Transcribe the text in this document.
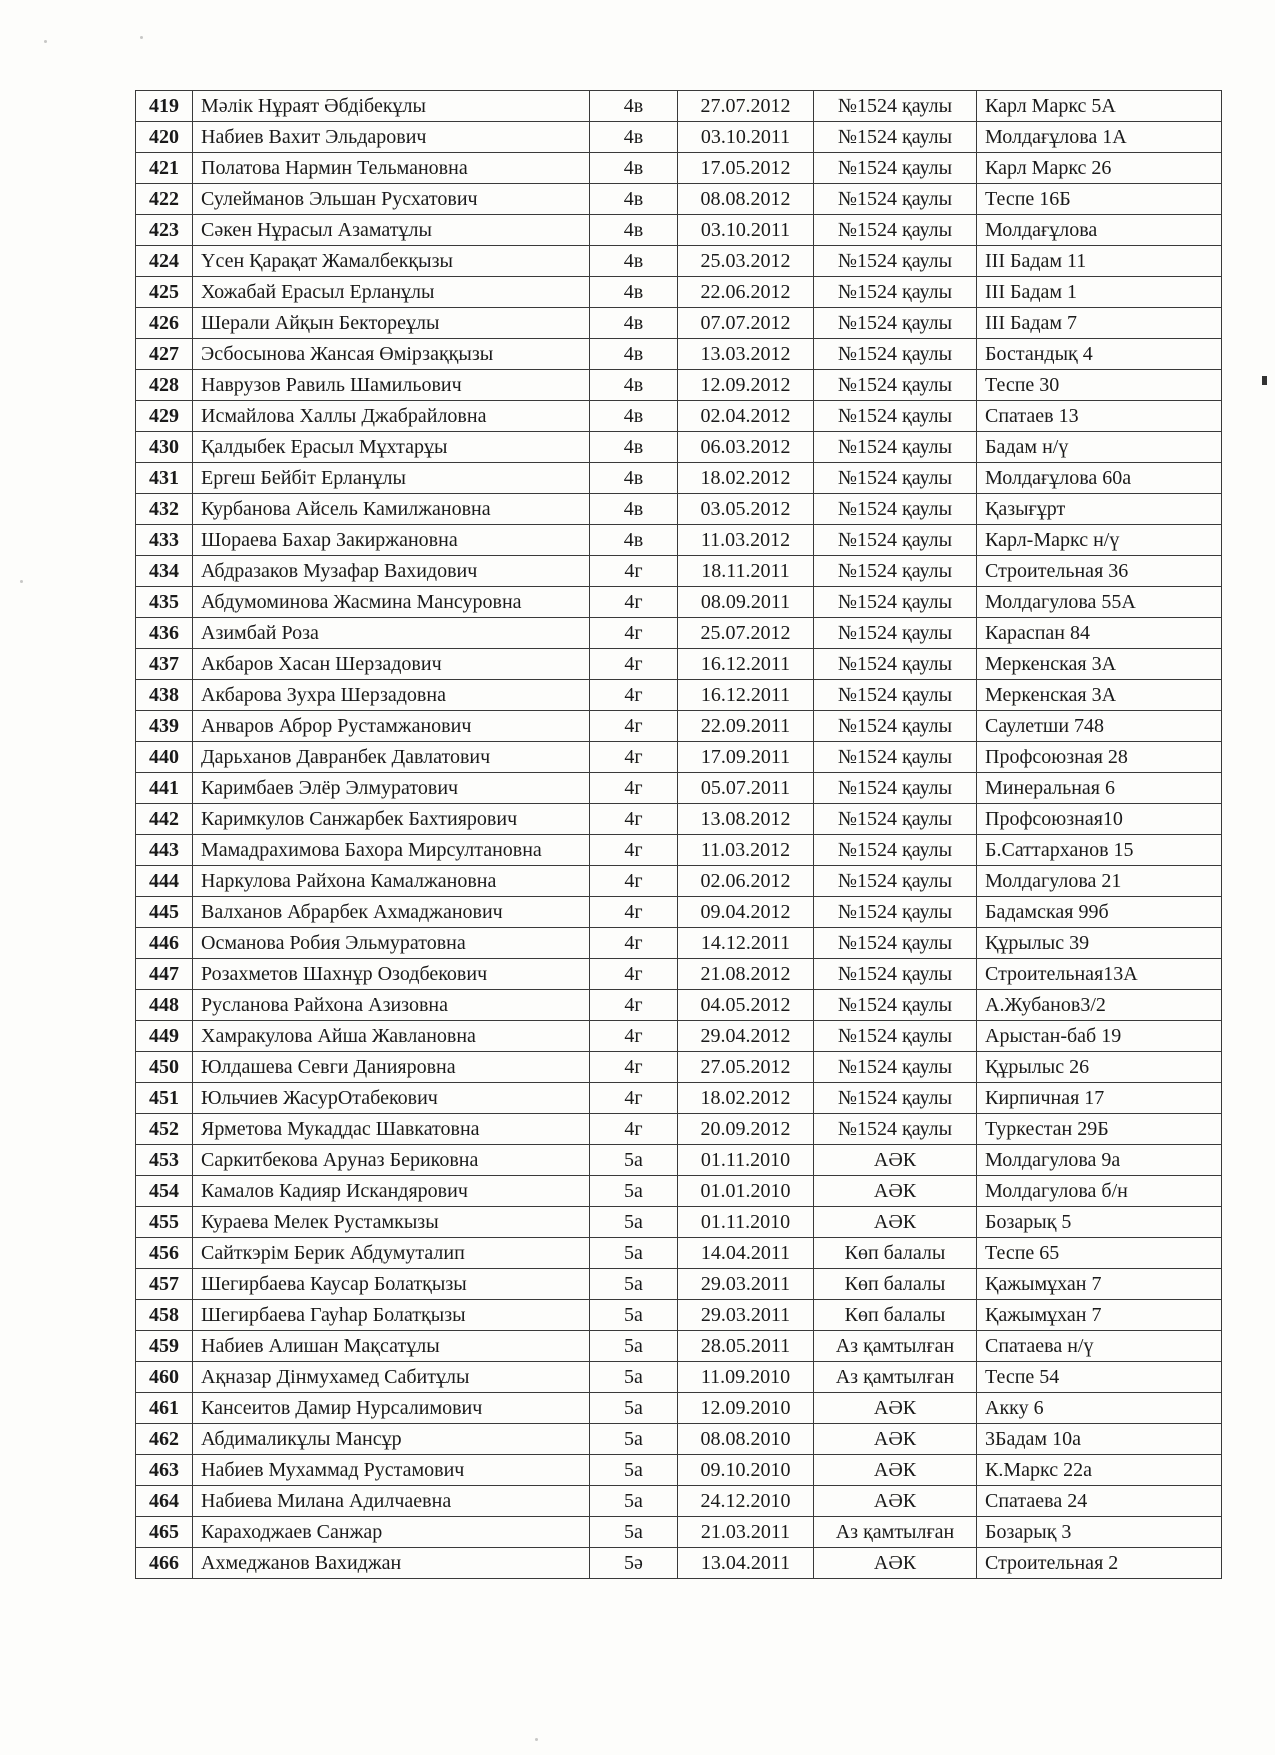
419	Мәлік Нұраят Әбдібекұлы	4в	27.07.2012	№1524 қаулы	Карл Маркс 5А
420	Набиев Вахит Эльдарович	4в	03.10.2011	№1524 қаулы	Молдағұлова 1А
421	Полатова Нармин Тельмановна	4в	17.05.2012	№1524 қаулы	Карл Маркс 26
422	Сулейманов Эльшан Русхатович	4в	08.08.2012	№1524 қаулы	Теспе 16Б
423	Сәкен Нұрасыл Азаматұлы	4в	03.10.2011	№1524 қаулы	Молдағұлова
424	Үсен Қарақат Жамалбекқызы	4в	25.03.2012	№1524 қаулы	III Бадам 11
425	Хожабай Ерасыл Ерланұлы	4в	22.06.2012	№1524 қаулы	III Бадам 1
426	Шерали Айқын Бектореұлы	4в	07.07.2012	№1524 қаулы	III Бадам 7
427	Эсбосынова Жансая Өмірзаққызы	4в	13.03.2012	№1524 қаулы	Бостандық 4
428	Наврузов Равиль Шамильович	4в	12.09.2012	№1524 қаулы	Теспе 30
429	Исмайлова Халлы Джабрайловна	4в	02.04.2012	№1524 қаулы	Спатаев 13
430	Қалдыбек Ерасыл Мұхтарұы	4в	06.03.2012	№1524 қаулы	Бадам н/ү
431	Ергеш Бейбіт Ерланұлы	4в	18.02.2012	№1524 қаулы	Молдағұлова 60а
432	Курбанова Айсель Камилжановна	4в	03.05.2012	№1524 қаулы	Қазығұрт
433	Шораева Бахар Закиржановна	4в	11.03.2012	№1524 қаулы	Карл-Маркс н/ү
434	Абдразаков Музафар Вахидович	4г	18.11.2011	№1524 қаулы	Строительная 36
435	Абдумоминова Жасмина Мансуровна	4г	08.09.2011	№1524 қаулы	Молдагулова 55А
436	Азимбай Роза	4г	25.07.2012	№1524 қаулы	Караспан 84
437	Акбаров Хасан Шерзадович	4г	16.12.2011	№1524 қаулы	Меркенская 3А
438	Акбарова Зухра Шерзадовна	4г	16.12.2011	№1524 қаулы	Меркенская 3А
439	Анваров Аброр Рустамжанович	4г	22.09.2011	№1524 қаулы	Саулетши 748
440	Дарьханов Давранбек Давлатович	4г	17.09.2011	№1524 қаулы	Профсоюзная 28
441	Каримбаев Элёр Элмуратович	4г	05.07.2011	№1524 қаулы	Минеральная 6
442	Каримкулов Санжарбек Бахтиярович	4г	13.08.2012	№1524 қаулы	Профсоюзная10
443	Мамадрахимова Бахора Мирсултановна	4г	11.03.2012	№1524 қаулы	Б.Саттарханов 15
444	Наркулова Райхона Камалжановна	4г	02.06.2012	№1524 қаулы	Молдагулова 21
445	Валханов Абрарбек Ахмаджанович	4г	09.04.2012	№1524 қаулы	Бадамская 99б
446	Османова Робия Эльмуратовна	4г	14.12.2011	№1524 қаулы	Құрылыс 39
447	Розахметов Шахнұр Озодбекович	4г	21.08.2012	№1524 қаулы	Строительная13А
448	Русланова Райхона Азизовна	4г	04.05.2012	№1524 қаулы	А.Жубанов3/2
449	Хамракулова Айша Жавлановна	4г	29.04.2012	№1524 қаулы	Арыстан-баб 19
450	Юлдашева Севги Данияровна	4г	27.05.2012	№1524 қаулы	Құрылыс 26
451	Юльчиев ЖасурОтабекович	4г	18.02.2012	№1524 қаулы	Кирпичная 17
452	Ярметова Мукаддас Шавкатовна	4г	20.09.2012	№1524 қаулы	Туркестан 29Б
453	Саркитбекова Аруназ Бериковна	5а	01.11.2010	АӘК	Молдагулова 9а
454	Камалов Кадияр Искандярович	5а	01.01.2010	АӘК	Молдагулова б/н
455	Кураева Мелек Рустамкызы	5а	01.11.2010	АӘК	Бозарық 5
456	Сайткэрім Берик Абдумуталип	5а	14.04.2011	Көп балалы	Теспе 65
457	Шегирбаева Каусар Болатқызы	5а	29.03.2011	Көп балалы	Қажымұхан 7
458	Шегирбаева Гауһар Болатқызы	5а	29.03.2011	Көп балалы	Қажымұхан 7
459	Набиев Алишан Мақсатұлы	5а	28.05.2011	Аз қамтылған	Спатаева н/ү
460	Ақназар Дінмухамед Сабитұлы	5а	11.09.2010	Аз қамтылған	Теспе 54
461	Кансеитов Дамир Нурсалимович	5а	12.09.2010	АӘК	Акку 6
462	Абдималикұлы Мансұр	5а	08.08.2010	АӘК	3Бадам 10а
463	Набиев Мухаммад Рустамович	5а	09.10.2010	АӘК	К.Маркс 22а
464	Набиева Милана Адилчаевна	5а	24.12.2010	АӘК	Спатаева 24
465	Караходжаев Санжар	5а	21.03.2011	Аз қамтылған	Бозарық 3
466	Ахмеджанов Вахиджан	5ә	13.04.2011	АӘК	Строительная 2
